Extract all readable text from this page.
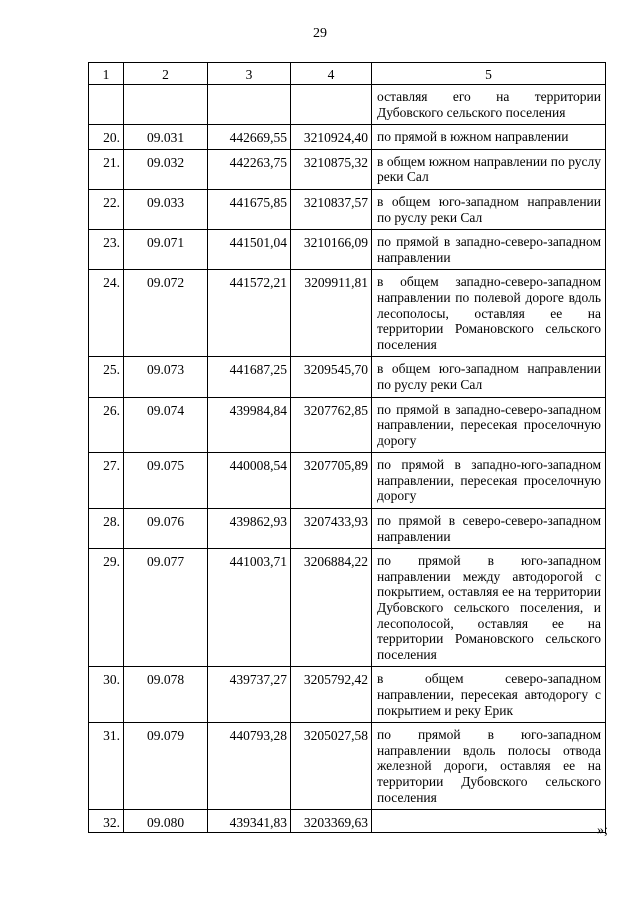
29
1	2	3	4	5
				оставляя его на территории Дубовского сельского поселения
20.	09.031	442669,55	3210924,40	по прямой в южном направлении
21.	09.032	442263,75	3210875,32	в общем южном направлении по руслу реки Сал
22.	09.033	441675,85	3210837,57	в общем юго-западном направлении по руслу реки Сал
23.	09.071	441501,04	3210166,09	по прямой в западно-северо-западном направлении
24.	09.072	441572,21	3209911,81	в общем западно-северо-западном направлении по полевой дороге вдоль лесополосы, оставляя ее на территории Романовского сельского поселения
25.	09.073	441687,25	3209545,70	в общем юго-западном направлении по руслу реки Сал
26.	09.074	439984,84	3207762,85	по прямой в западно-северо-западном направлении, пересекая проселочную дорогу
27.	09.075	440008,54	3207705,89	по прямой в западно-юго-западном направлении, пересекая проселочную дорогу
28.	09.076	439862,93	3207433,93	по прямой в северо-северо-западном направлении
29.	09.077	441003,71	3206884,22	по прямой в юго-западном направлении между автодорогой с покрытием, оставляя ее на территории Дубовского сельского поселения, и лесополосой, оставляя ее на территории Романовского сельского поселения
30.	09.078	439737,27	3205792,42	в общем северо-западном направлении, пересекая автодорогу с покрытием и реку Ерик
31.	09.079	440793,28	3205027,58	по прямой в юго-западном направлении вдоль полосы отвода железной дороги, оставляя ее на территории Дубовского сельского поселения
32.	09.080	439341,83	3203369,63	
»;
